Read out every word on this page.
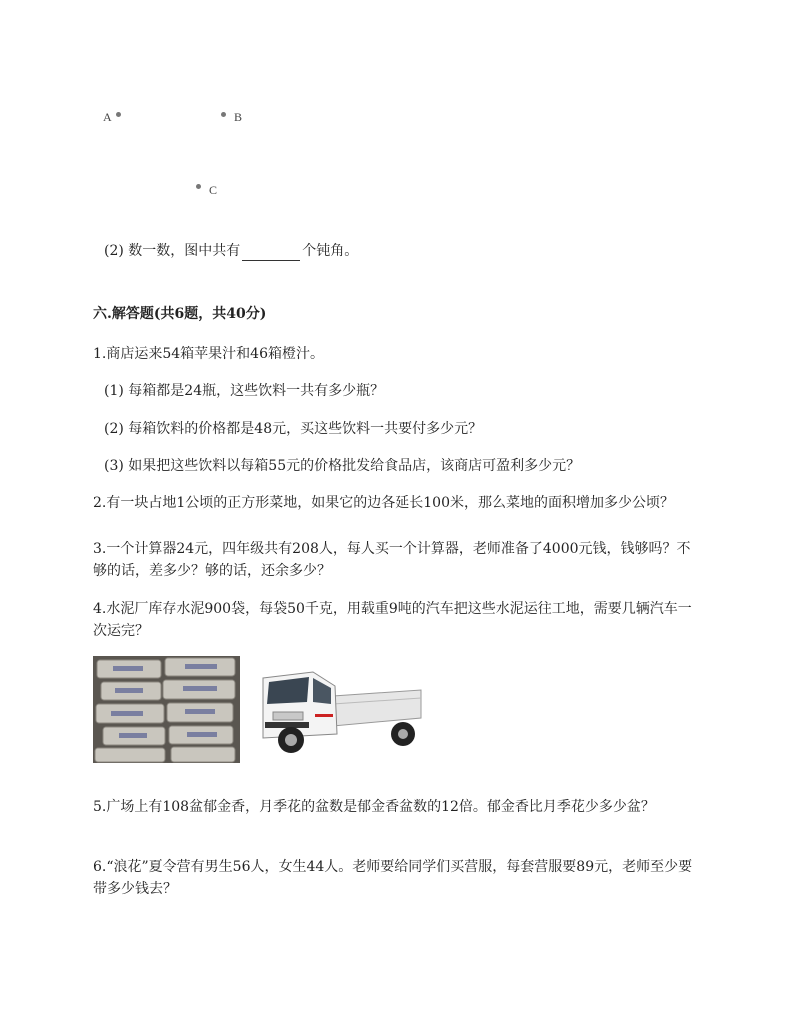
A	B
C
(2) 数一数，图中共有	个钝角。
六.解答题(共6题，共40分)
1.商店运来54箱苹果汁和46箱橙汁。
(1) 每箱都是24瓶，这些饮料一共有多少瓶？
(2) 每箱饮料的价格都是48元，买这些饮料一共要付多少元？
(3) 如果把这些饮料以每箱55元的价格批发给食品店，该商店可盈利多少元？
2.有一块占地1公顷的正方形菜地，如果它的边各延长100米，那么菜地的面积增加多少公顷？
3.一个计算器24元，四年级共有208人，每人买一个计算器，老师准备了4000元钱，钱够吗？不够的话，差多少？够的话，还余多少？
4.水泥厂库存水泥900袋，每袋50千克，用载重9吨的汽车把这些水泥运往工地，需要几辆汽车一次运完？
5.广场上有108盆郁金香，月季花的盆数是郁金香盆数的12倍。郁金香比月季花少多少盆？
6.“浪花”夏令营有男生56人，女生44人。老师要给同学们买营服，每套营服要89元，老师至少要带多少钱去？
